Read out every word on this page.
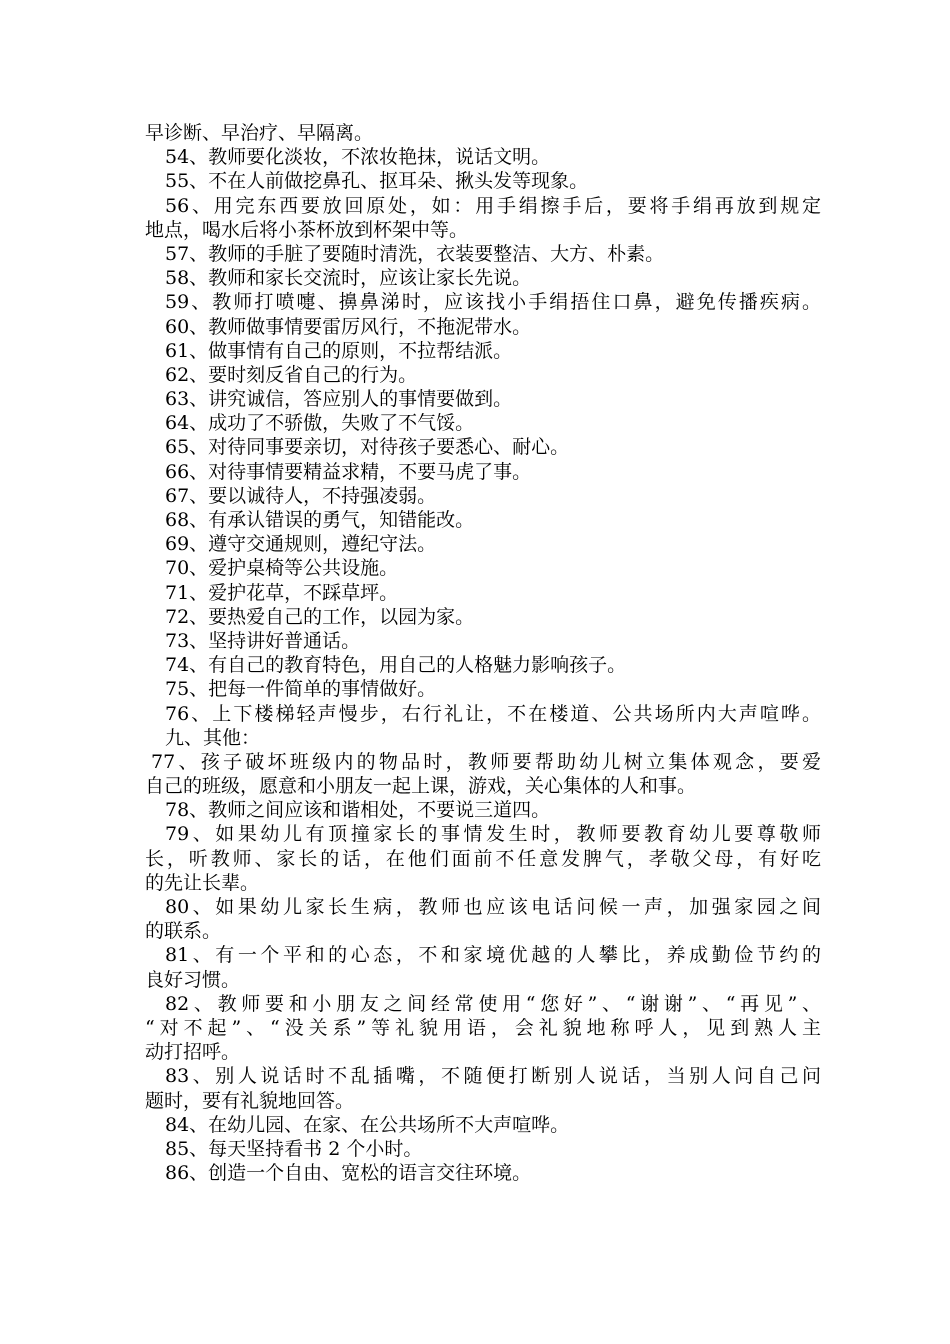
早诊断、早治疗、早隔离。
54、教师要化淡妆，不浓妆艳抹，说话文明。
55、不在人前做挖鼻孔、抠耳朵、揪头发等现象。
56、用完东西要放回原处，如：用手绢擦手后，要将手绢再放到规定
地点，喝水后将小茶杯放到杯架中等。
57、教师的手脏了要随时清洗，衣装要整洁、大方、朴素。
58、教师和家长交流时，应该让家长先说。
59、教师打喷嚏、擤鼻涕时，应该找小手绢捂住口鼻，避免传播疾病。
60、教师做事情要雷厉风行，不拖泥带水。
61、做事情有自己的原则，不拉帮结派。
62、要时刻反省自己的行为。
63、讲究诚信，答应别人的事情要做到。
64、成功了不骄傲，失败了不气馁。
65、对待同事要亲切，对待孩子要悉心、耐心。
66、对待事情要精益求精，不要马虎了事。
67、要以诚待人，不持强凌弱。
68、有承认错误的勇气，知错能改。
69、遵守交通规则，遵纪守法。
70、爱护桌椅等公共设施。
71、爱护花草，不踩草坪。
72、要热爱自己的工作，以园为家。
73、坚持讲好普通话。
74、有自己的教育特色，用自己的人格魅力影响孩子。
75、把每一件简单的事情做好。
76、上下楼梯轻声慢步，右行礼让，不在楼道、公共场所内大声喧哗。
九、其他：
77、孩子破坏班级内的物品时，教师要帮助幼儿树立集体观念，要爱
自己的班级，愿意和小朋友一起上课，游戏，关心集体的人和事。
78、教师之间应该和谐相处，不要说三道四。
79、如果幼儿有顶撞家长的事情发生时，教师要教育幼儿要尊敬师
长，听教师、家长的话，在他们面前不任意发脾气，孝敬父母，有好吃
的先让长辈。
80、如果幼儿家长生病，教师也应该电话问候一声，加强家园之间
的联系。
81、有一个平和的心态，不和家境优越的人攀比，养成勤俭节约的
良好习惯。
82、教师要和小朋友之间经常使用“您好”、“谢谢”、“再见”、
“对不起”、“没关系”等礼貌用语，会礼貌地称呼人，见到熟人主
动打招呼。
83、别人说话时不乱插嘴，不随便打断别人说话，当别人问自己问
题时，要有礼貌地回答。
84、在幼儿园、在家、在公共场所不大声喧哗。
85、每天坚持看书 2 个小时。
86、创造一个自由、宽松的语言交往环境。
